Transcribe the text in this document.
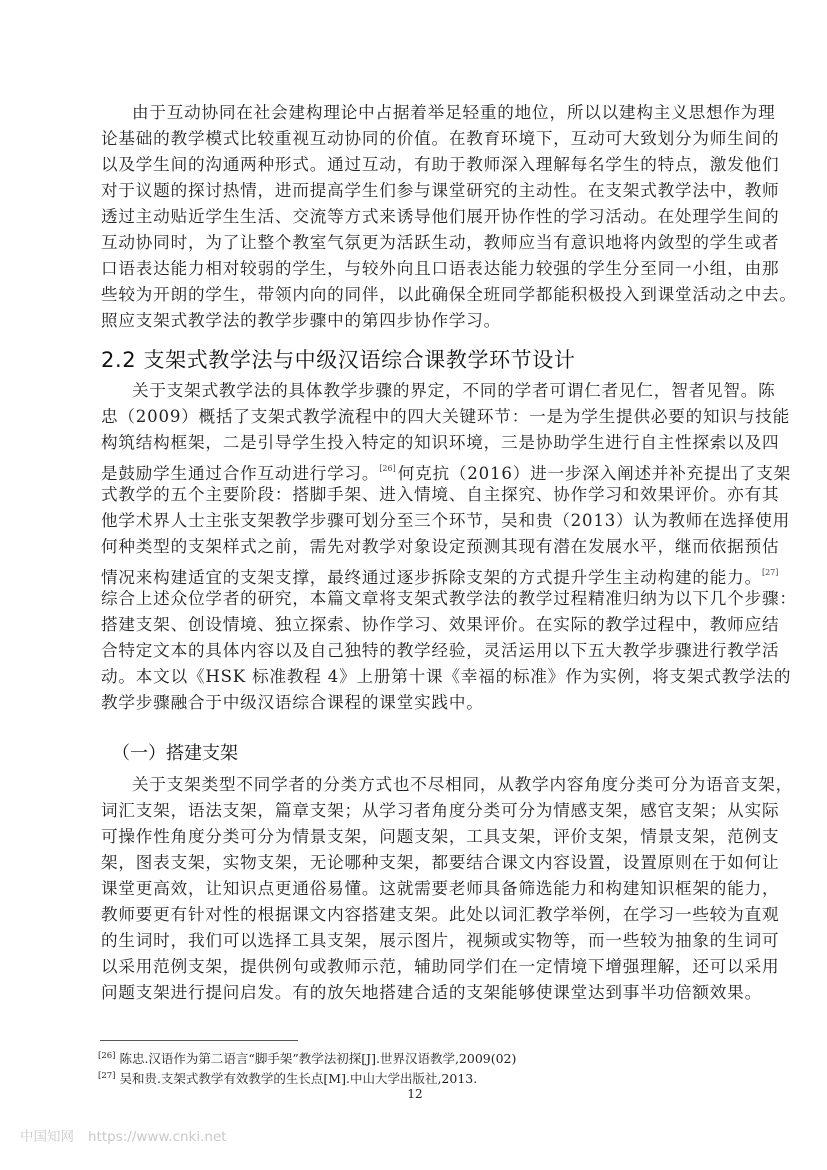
由于互动协同在社会建构理论中占据着举足轻重的地位，所以以建构主义思想作为理
论基础的教学模式比较重视互动协同的价值。在教育环境下，互动可大致划分为师生间的
以及学生间的沟通两种形式。通过互动，有助于教师深入理解每名学生的特点，激发他们
对于议题的探讨热情，进而提高学生们参与课堂研究的主动性。在支架式教学法中，教师
透过主动贴近学生生活、交流等方式来诱导他们展开协作性的学习活动。在处理学生间的
互动协同时，为了让整个教室气氛更为活跃生动，教师应当有意识地将内敛型的学生或者
口语表达能力相对较弱的学生，与较外向且口语表达能力较强的学生分至同一小组，由那
些较为开朗的学生，带领内向的同伴，以此确保全班同学都能积极投入到课堂活动之中去。
照应支架式教学法的教学步骤中的第四步协作学习。
2.2 支架式教学法与中级汉语综合课教学环节设计
关于支架式教学法的具体教学步骤的界定，不同的学者可谓仁者见仁，智者见智。陈
忠（2009）概括了支架式教学流程中的四大关键环节：一是为学生提供必要的知识与技能
构筑结构框架，二是引导学生投入特定的知识环境，三是协助学生进行自主性探索以及四
是鼓励学生通过合作互动进行学习。[26] 何克抗（2016）进一步深入阐述并补充提出了支架
式教学的五个主要阶段：搭脚手架、进入情境、自主探究、协作学习和效果评价。亦有其
他学术界人士主张支架教学步骤可划分至三个环节，吴和贵（2013）认为教师在选择使用
何种类型的支架样式之前，需先对教学对象设定预测其现有潜在发展水平，继而依据预估
情况来构建适宜的支架支撑，最终通过逐步拆除支架的方式提升学生主动构建的能力。[27]
综合上述众位学者的研究，本篇文章将支架式教学法的教学过程精准归纳为以下几个步骤：
搭建支架、创设情境、独立探索、协作学习、效果评价。在实际的教学过程中，教师应结
合特定文本的具体内容以及自己独特的教学经验，灵活运用以下五大教学步骤进行教学活
动。本文以《HSK 标准教程 4》上册第十课《幸福的标准》作为实例，将支架式教学法的
教学步骤融合于中级汉语综合课程的课堂实践中。
（一）搭建支架
关于支架类型不同学者的分类方式也不尽相同，从教学内容角度分类可分为语音支架，
词汇支架，语法支架，篇章支架；从学习者角度分类可分为情感支架，感官支架；从实际
可操作性角度分类可分为情景支架，问题支架，工具支架，评价支架，情景支架，范例支
架，图表支架，实物支架，无论哪种支架，都要结合课文内容设置，设置原则在于如何让
课堂更高效，让知识点更通俗易懂。这就需要老师具备筛选能力和构建知识框架的能力，
教师要更有针对性的根据课文内容搭建支架。此处以词汇教学举例，在学习一些较为直观
的生词时，我们可以选择工具支架，展示图片，视频或实物等，而一些较为抽象的生词可
以采用范例支架，提供例句或教师示范，辅助同学们在一定情境下增强理解，还可以采用
问题支架进行提问启发。有的放矢地搭建合适的支架能够使课堂达到事半功倍额效果。
[26] 陈忠.汉语作为第二语言“脚手架”教学法初探[J].世界汉语教学,2009(02)
[27] 吴和贵.支架式教学有效教学的生长点[M].中山大学出版社,2013.
12
中国知网 https://www.cnki.net
